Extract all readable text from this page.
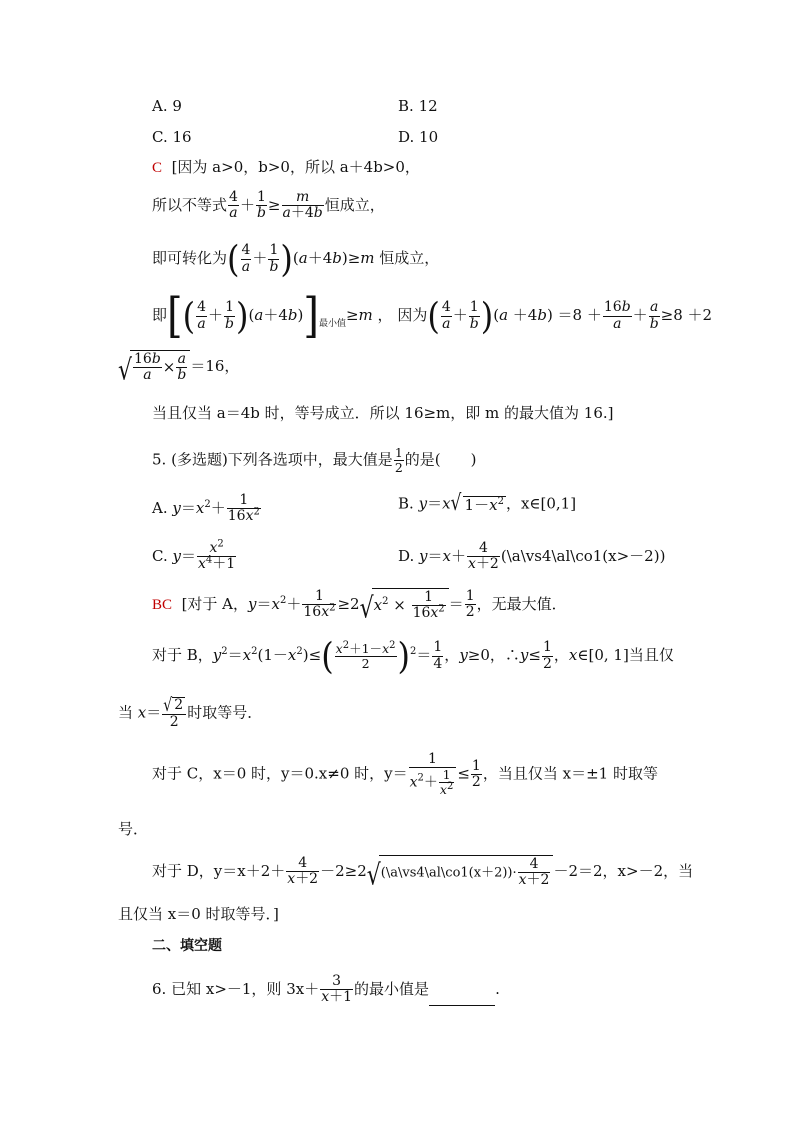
A. 9	B. 12
C. 16	D. 10
C [因为 a>0，b>0，所以 a＋4b>0，
所以不等式 $\frac{4}{a} + \frac{1}{b} \ge \frac{m}{a+4b}$ 恒成立，
即可转化为( $\frac{4}{a} + \frac{1}{b} )(a+4b)\ge m$ 恒成立，
即[( $\frac{4}{a} + \frac{1}{b} )(a+4b)]_{最小值}\ge m$ ， 因为( $\frac{4}{a} + \frac{1}{b} )(a +4b) =8 + \frac{16b}{a} + \frac{a}{b} \ge 8 +2$
√ $\frac{16b}{a} \times \frac{a}{b} =16$，
当且仅当 a＝4b 时，等号成立．所以 16≥m，即 m 的最大值为 16.]
5. (多选题)下列各选项中，最大值是 $\frac{1}{2}$ 的是(　　)
A. $y=x^2+ \frac{1}{16x^2}$	B. y＝x √ $1-x^2$ ，x∈[0,1]
C. $y= \frac{x^2}{x^4+1}$	D. $y=x+ \frac{4}{x+2}$ (\a\vs4\al\co1(x>－2))
BC [对于 A，$y=x^2+ \frac{1}{16x^2} \ge 2$ √ $x^2 \times \frac{1}{16x^2} = \frac{1}{2}$ ，无最大值．
对于 B，$y^2=x^2(1-x^2)\le( \frac{x^2+1-x^2}{2} )^2= \frac{1}{4}$ ，y≥0，∴y≤ $\frac{1}{2}$ ，x∈[0, 1]当且仅
当 $x= \frac{√ 2}{2}$ 时取等号．
对于 C，x＝0 时，y＝0.x≠0 时，$y= \frac{1}{x^2+ \frac{1}{x^2}} \le \frac{1}{2}$ ，当且仅当 x＝±1 时取等
号．
对于 D，$y=x+2+ \frac{4}{x+2} -2\ge 2$ √ (\a\vs4\al\co1(x＋2))· $\frac{4}{x+2} -2=2$，x>－2，当
且仅当 x＝0 时取等号．]
二、填空题
6. 已知 x>－1，则 $3x+ \frac{3}{x+1}$ 的最小值是	.
